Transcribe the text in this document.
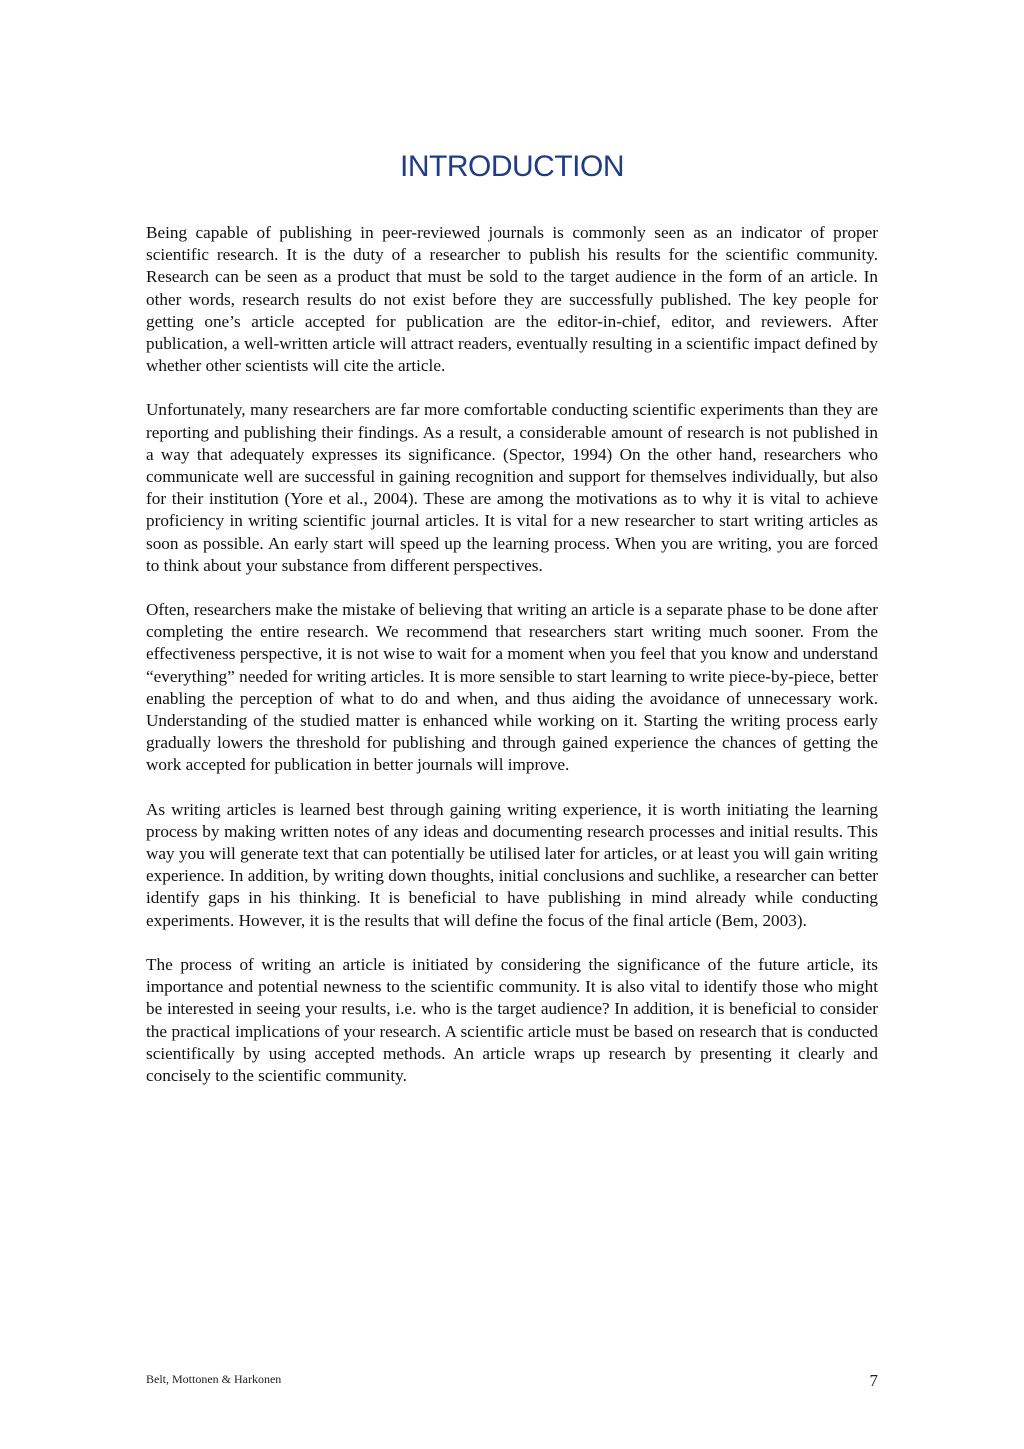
INTRODUCTION

Being capable of publishing in peer-reviewed journals is commonly seen as an indicator of proper scientific research. It is the duty of a researcher to publish his results for the scientific community. Research can be seen as a product that must be sold to the target audience in the form of an article. In other words, research results do not exist before they are successfully published. The key people for getting one’s article accepted for publication are the editor-in-chief, editor, and reviewers. After publication, a well-written article will attract readers, eventually resulting in a scientific impact defined by whether other scientists will cite the article.

Unfortunately, many researchers are far more comfortable conducting scientific experiments than they are reporting and publishing their findings. As a result, a considerable amount of research is not published in a way that adequately expresses its significance. (Spector, 1994) On the other hand, researchers who communicate well are successful in gaining recognition and support for themselves individually, but also for their institution (Yore et al., 2004). These are among the motivations as to why it is vital to achieve proficiency in writing scientific journal articles. It is vital for a new researcher to start writing articles as soon as possible. An early start will speed up the learning process. When you are writing, you are forced to think about your substance from different perspectives.

Often, researchers make the mistake of believing that writing an article is a separate phase to be done after completing the entire research. We recommend that researchers start writing much sooner. From the effectiveness perspective, it is not wise to wait for a moment when you feel that you know and understand “everything” needed for writing articles. It is more sensible to start learning to write piece-by-piece, better enabling the perception of what to do and when, and thus aiding the avoidance of unnecessary work. Understanding of the studied matter is enhanced while working on it. Starting the writing process early gradually lowers the threshold for publishing and through gained experience the chances of getting the work accepted for publication in better journals will improve.

As writing articles is learned best through gaining writing experience, it is worth initiating the learning process by making written notes of any ideas and documenting research processes and initial results. This way you will generate text that can potentially be utilised later for articles, or at least you will gain writing experience. In addition, by writing down thoughts, initial conclusions and suchlike, a researcher can better identify gaps in his thinking. It is beneficial to have publishing in mind already while conducting experiments. However, it is the results that will define the focus of the final article (Bem, 2003).

The process of writing an article is initiated by considering the significance of the future article, its importance and potential newness to the scientific community. It is also vital to identify those who might be interested in seeing your results, i.e. who is the target audience? In addition, it is beneficial to consider the practical implications of your research. A scientific article must be based on research that is conducted scientifically by using accepted methods. An article wraps up research by presenting it clearly and concisely to the scientific community.

Belt, Mottonen & Harkonen	7
